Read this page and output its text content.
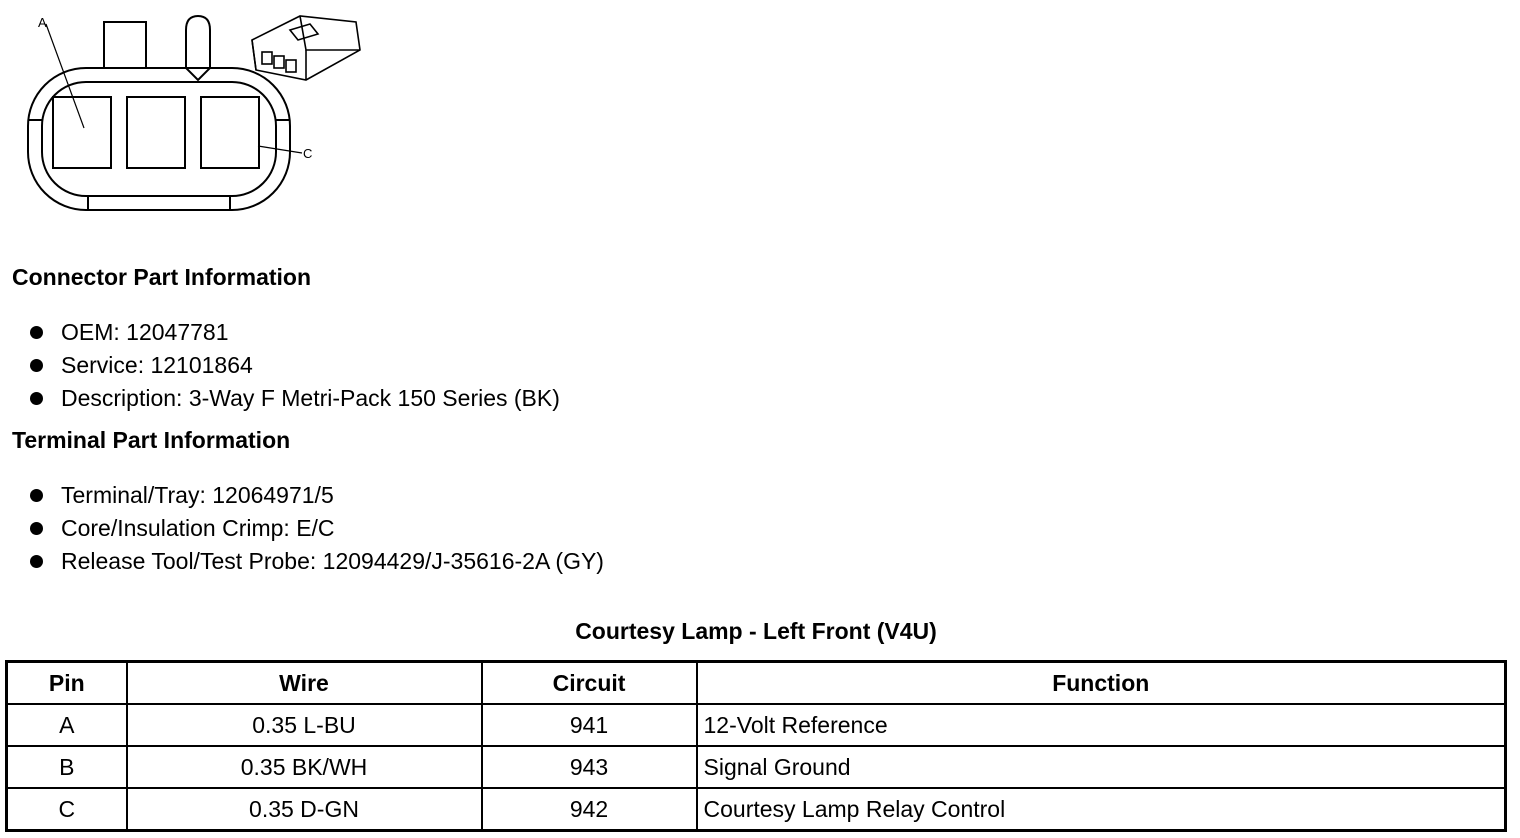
A
C
Connector Part Information
OEM: 12047781
Service: 12101864
Description: 3-Way F Metri-Pack 150 Series (BK)
Terminal Part Information
Terminal/Tray: 12064971/5
Core/Insulation Crimp: E/C
Release Tool/Test Probe: 12094429/J-35616-2A (GY)
Courtesy Lamp - Left Front (V4U)
Pin	Wire	Circuit	Function
A	0.35 L-BU	941	12-Volt Reference
B	0.35 BK/WH	943	Signal Ground
C	0.35 D-GN	942	Courtesy Lamp Relay Control
